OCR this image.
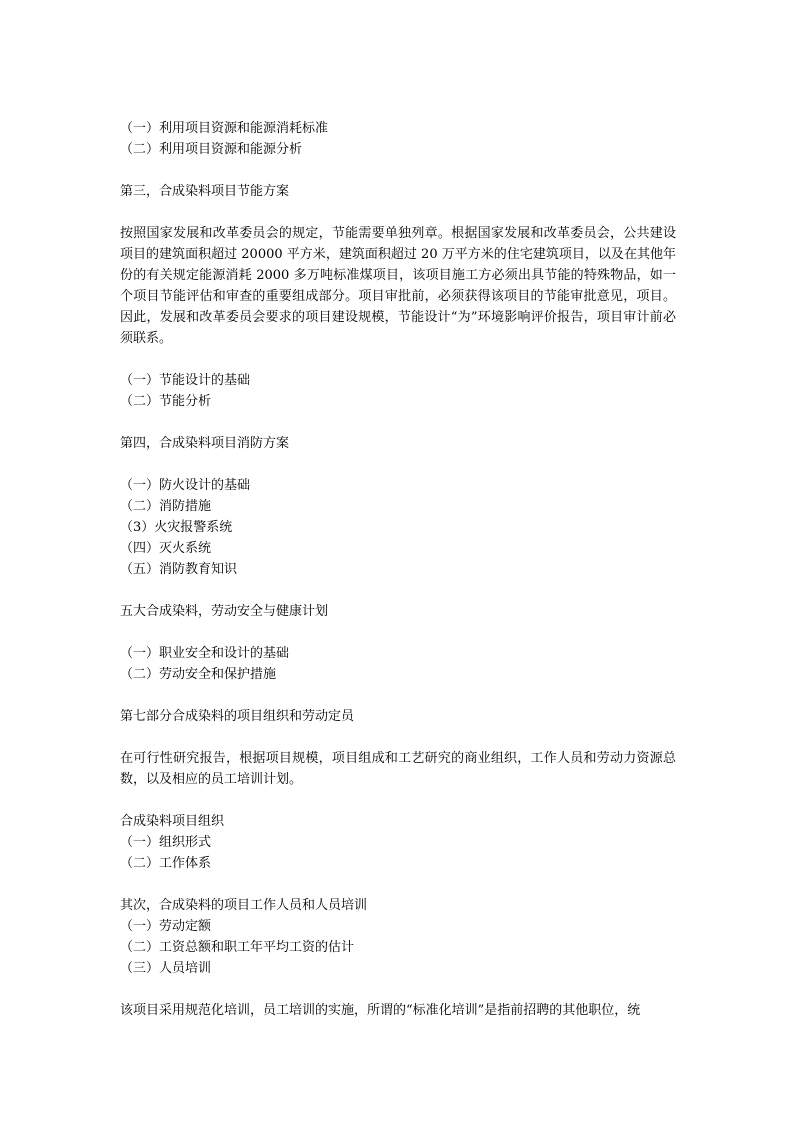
（一）利用项目资源和能源消耗标准
（二）利用项目资源和能源分析
第三，合成染料项目节能方案
按照国家发展和改革委员会的规定，节能需要单独列章。根据国家发展和改革委员会，公共建设项目的建筑面积超过 20000 平方米，建筑面积超过 20 万平方米的住宅建筑项目，以及在其他年份的有关规定能源消耗 2000 多万吨标准煤项目，该项目施工方必须出具节能的特殊物品，如一个项目节能评估和审查的重要组成部分。项目审批前，必须获得该项目的节能审批意见，项目。因此，发展和改革委员会要求的项目建设规模，节能设计“为”环境影响评价报告，项目审计前必须联系。
（一）节能设计的基础
（二）节能分析
第四，合成染料项目消防方案
（一）防火设计的基础
（二）消防措施
（3）火灾报警系统
（四）灭火系统
（五）消防教育知识
五大合成染料，劳动安全与健康计划
（一）职业安全和设计的基础
（二）劳动安全和保护措施
第七部分合成染料的项目组织和劳动定员
在可行性研究报告，根据项目规模，项目组成和工艺研究的商业组织，工作人员和劳动力资源总数，以及相应的员工培训计划。
合成染料项目组织
（一）组织形式
（二）工作体系
其次，合成染料的项目工作人员和人员培训
（一）劳动定额
（二）工资总额和职工年平均工资的估计
（三）人员培训
该项目采用规范化培训，员工培训的实施，所谓的“标准化培训”是指前招聘的其他职位，统
